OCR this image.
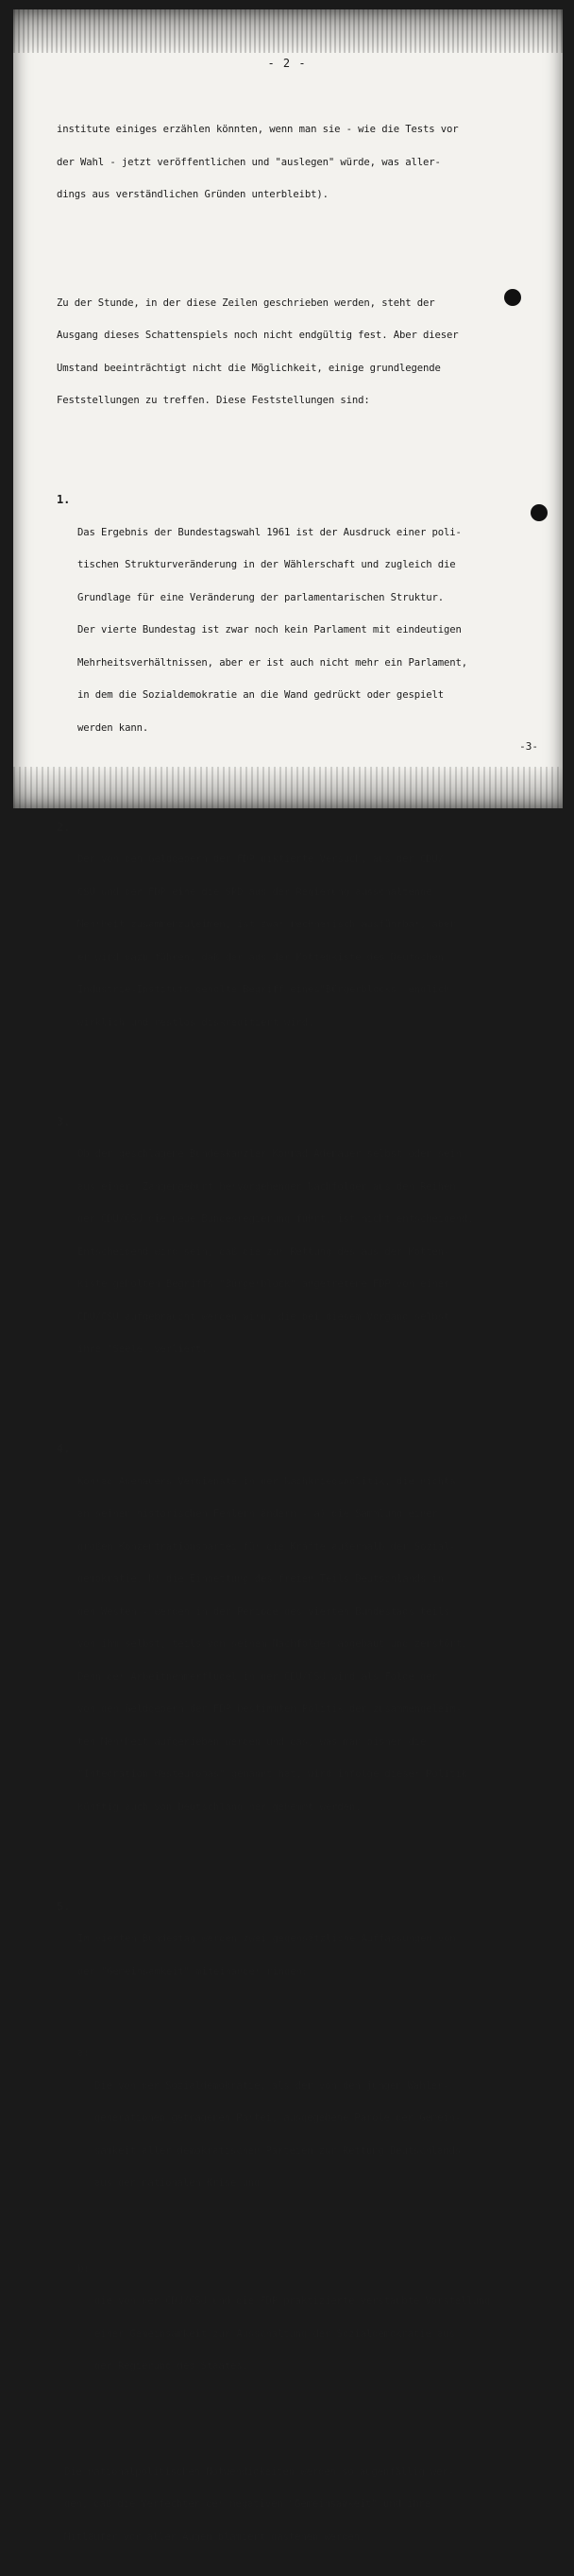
- 2 -

institute einiges erzählen könnten, wenn man sie - wie die Tests vor

der Wahl - jetzt veröffentlichen und "auslegen" würde, was aller-

dings aus verständlichen Gründen unterbleibt).

Zu der Stunde, in der diese Zeilen geschrieben werden, steht der

Ausgang dieses Schattenspiels noch nicht endgültig fest. Aber dieser

Umstand beeinträchtigt nicht die Möglichkeit, einige grundlegende

Feststellungen zu treffen. Diese Feststellungen sind:

1.

Das Ergebnis der Bundestagswahl 1961 ist der Ausdruck einer poli-

tischen Strukturveränderung in der Wählerschaft und zugleich die

Grundlage für eine Veränderung der parlamentarischen Struktur.

Der vierte Bundestag ist zwar noch kein Parlament mit eindeutigen

Mehrheitsverhältnissen, aber er ist auch nicht mehr ein Parlament,

in dem die Sozialdemokratie an die Wand gedrückt oder gespielt

werden kann.

2.

Der von den Geldgebern der FDP diktierte Versuch, aus der CDU/

CSU und der FDP eine die SPD aus der Regierung ausschaltende

Mehrheit zusammenzuleimen, ist zwar rechnerisch ausführbar, aber

er wird dazu führen, daß der aus der Mottenkiste des Deutschen

Industrie-Instituts geholte Begriff eines"Bürgerblocks" endlich

wirklich und restlos diskreditiert wird.

3.

Ob der geschlagene Bundeskanzler Konrad Adenauer selbst oder sein

aus einer  Zangengeburt hervorgehender Nachfolger aus den Reihen

der CDU/CSU die neue Bundesregierung führt, ist nicht entscheidend.

Entscheidend wird sein, daß die zur Rettung des aus der Motten-

kiste geholten Begriffs "Bürgerblock" angetretene FDP von einer

CDU/CSU aufgebraucht werden wird, die bei diesem Vorgang selbst

ihre "Seele" verliert.

4.

Konrad Adenauers Verdienste in der Nachkriegspolitik, die nichts

an seinen historischen Fehlern ändern - a) die Sammlung einer

großen Konzentrationspartei für die Kräfte außerhalb der Sozial-

demokratie. b) die Einbettung des freien Teils Deutschlands in

den Westen - werden in der Periode des vierten Bundestags teils

von ihm selbst, teils von seinem Nachfolger abgebaut und zerstört.

Denn der Arbeitnehmerflügel in der CDU/CSU wird als Folge der

von den Geldgebern der FDP bestimmten Politik der zusammengeleim-

ten Mehrheit aufgerieben werden und das, was man bisher die

"Integration Westeuropas" genannt hat, wird infolge dieser Politik

künftig auch von Deutschland her gehemmt werden.

5.

Im vierten Bundestag werden zwei gegensätzliche Auffassungen von

der "Gemeinsamkeit" miteinander ringen:

a)

Die von der Sozialdemokratie, als der von den jungen Wähler-

generationen getragenen Partei, ausgegebene Parole der Gemein-

samkeit aller demokratischen Parteien zur Rettung Deutschlands

aus der nationalen Krise und

b)

die von der CDU/CSU und die FDP praktizierte verstaubte Vorstellung

einer Gemeinsamkeit zur Ausschaltung der Sozialdemokratie aus

der Regierung des Staates.

Die nationalpolitischen Notwendigkeiten werden so augenfällig wer-

den, daß die Verfechter der negativen "Gemeinsamkeit" und ihre

Mitläufer vor aller Augen blamiert dastehen werden.

-3-
